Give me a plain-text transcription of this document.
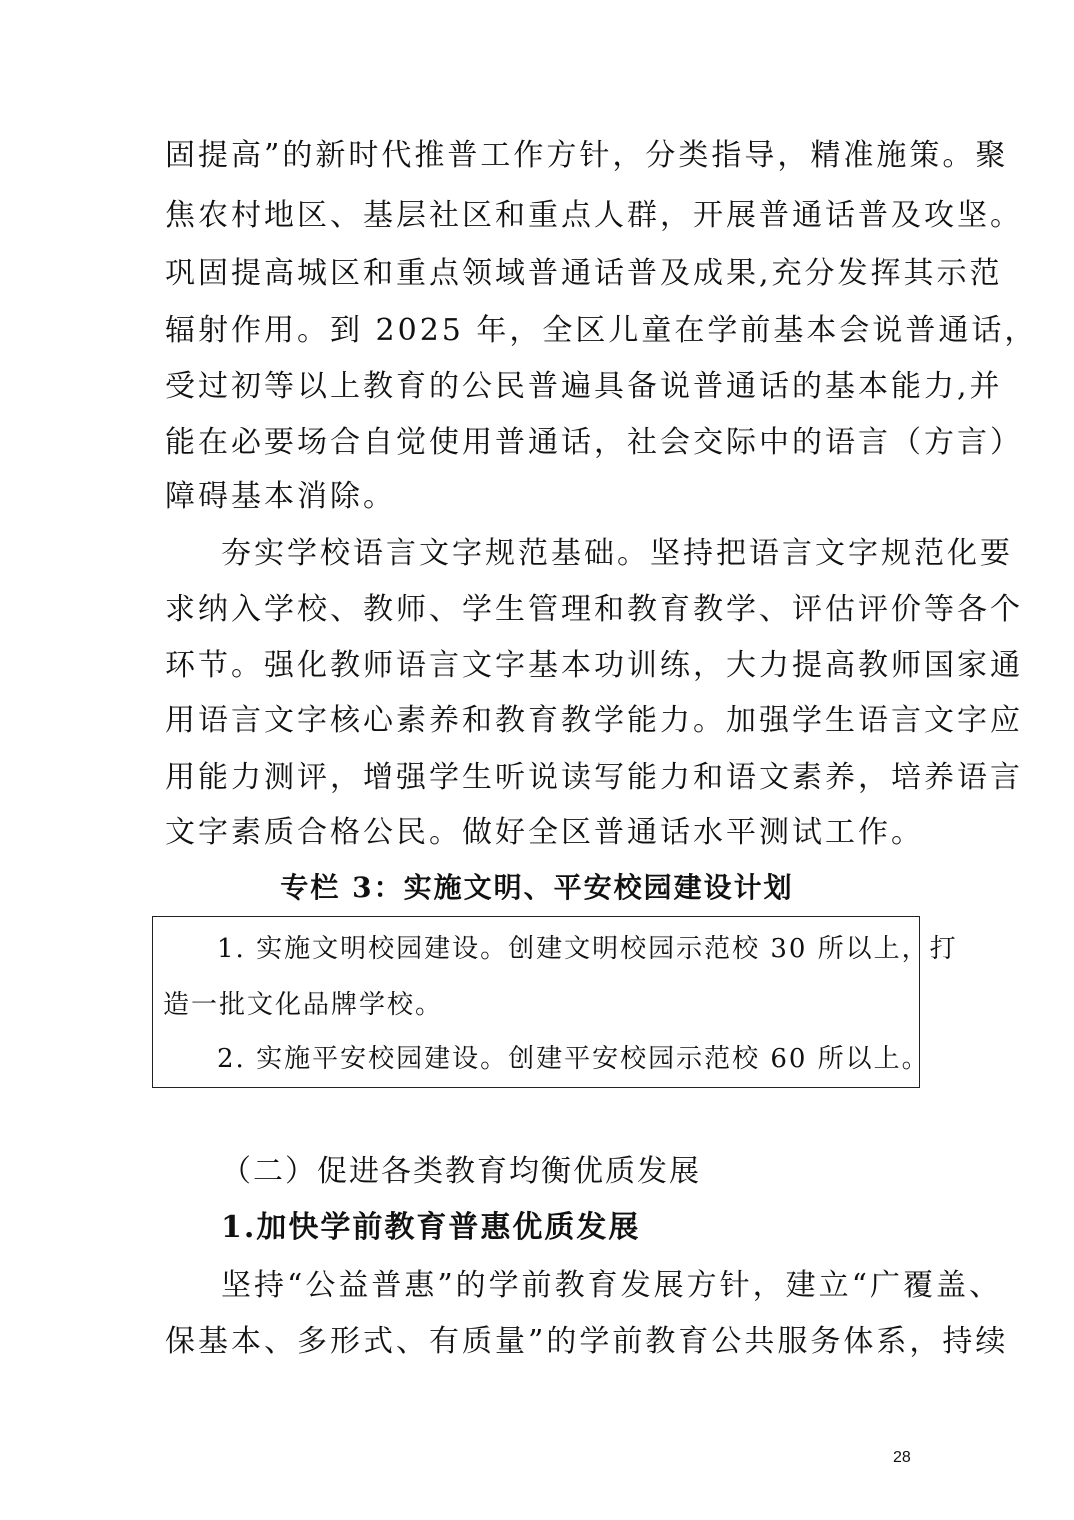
固提高”的新时代推普工作方针，分类指导，精准施策。聚
焦农村地区、基层社区和重点人群，开展普通话普及攻坚。
巩固提高城区和重点领域普通话普及成果,充分发挥其示范
辐射作用。到 2025 年，全区儿童在学前基本会说普通话，
受过初等以上教育的公民普遍具备说普通话的基本能力,并
能在必要场合自觉使用普通话，社会交际中的语言（方言）
障碍基本消除。
夯实学校语言文字规范基础。坚持把语言文字规范化要
求纳入学校、教师、学生管理和教育教学、评估评价等各个
环节。强化教师语言文字基本功训练，大力提高教师国家通
用语言文字核心素养和教育教学能力。加强学生语言文字应
用能力测评，增强学生听说读写能力和语文素养，培养语言
文字素质合格公民。做好全区普通话水平测试工作。
专栏 3：实施文明、平安校园建设计划
1. 实施文明校园建设。创建文明校园示范校 30 所以上，打
造一批文化品牌学校。
2. 实施平安校园建设。创建平安校园示范校 60 所以上。
（二）促进各类教育均衡优质发展
1.加快学前教育普惠优质发展
坚持“公益普惠”的学前教育发展方针，建立“广覆盖、
保基本、多形式、有质量”的学前教育公共服务体系，持续
28
